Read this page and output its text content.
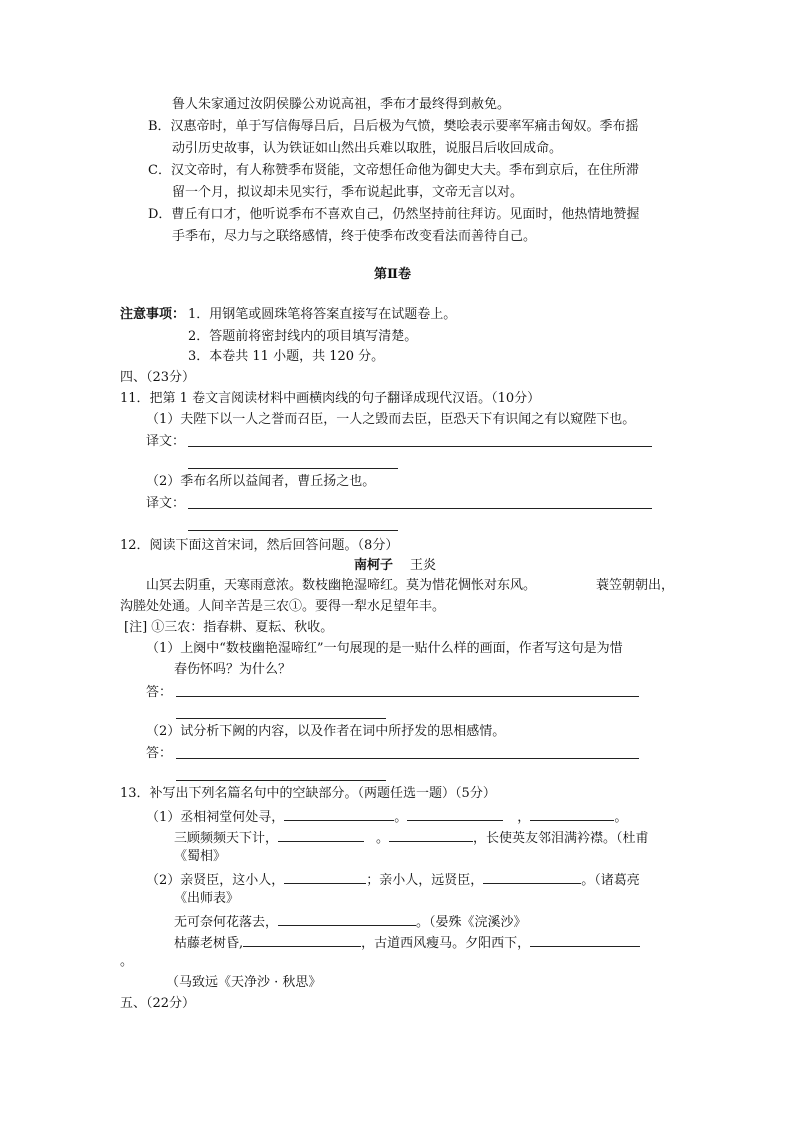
鲁人朱家通过汝阴侯滕公劝说高祖，季布才最终得到赦免。
B．汉惠帝时，单于写信侮辱吕后，吕后极为气愤，樊哙表示要率军痛击匈奴。季布摇
动引历史故事，认为铁证如山然出兵难以取胜，说服吕后收回成命。
C．汉文帝时，有人称赞季布贤能，文帝想任命他为御史大夫。季布到京后，在住所滞
留一个月，拟议却未见实行，季布说起此事，文帝无言以对。
D．曹丘有口才，他听说季布不喜欢自己，仍然坚持前往拜访。见面时，他热情地赞握
手季布，尽力与之联络感情，终于使季布改变看法而善待自己。
第Ⅱ卷
注意事项： 1．用钢笔或圆珠笔将答案直接写在试题卷上。
2．答题前将密封线内的项目填写清楚。
3．本卷共 11 小题，共 120 分。
四、（23分）
11．把第 1 卷文言阅读材料中画横肉线的句子翻译成现代汉语。（10分）
（1）夫陛下以一人之誉而召臣，一人之毁而去臣，臣恐天下有识闻之有以窥陛下也。
译文：
（2）季布名所以益闻者，曹丘扬之也。
译文：
12．阅读下面这首宋词，然后回答问题。（8分）
南柯子 王炎
山冥去阴重，天寒雨意浓。数枝幽艳湿啼红。莫为惜花惆怅对东风。	蓑笠朝朝出，
沟塍处处通。人间辛苦是三农①。要得一犁水足望年丰。
[注] ①三农：指春耕、夏耘、秋收。
（1）上阕中“数枝幽艳湿啼红”一句展现的是一贴什么样的画面，作者写这句是为惜
春伤怀吗？为什么？
答：
（2）试分析下阙的内容，以及作者在词中所抒发的思相感情。
答：
13．补写出下列名篇名句中的空缺部分。（两题任选一题）（5分）
（1）丞相祠堂何处寻，	。	，	。
三顾频频天下计，	。	，长使英友邻泪满衿襟。（杜甫
《蜀相》
（2）亲贤臣，这小人，	；亲小人，远贤臣，	。（诸葛亮
《出师表》
无可奈何花落去，	。（晏殊《浣溪沙》
枯藤老树昏,	，古道西风瘦马。夕阳西下，
。
（马致远《天净沙 · 秋思》
五、（22分）
